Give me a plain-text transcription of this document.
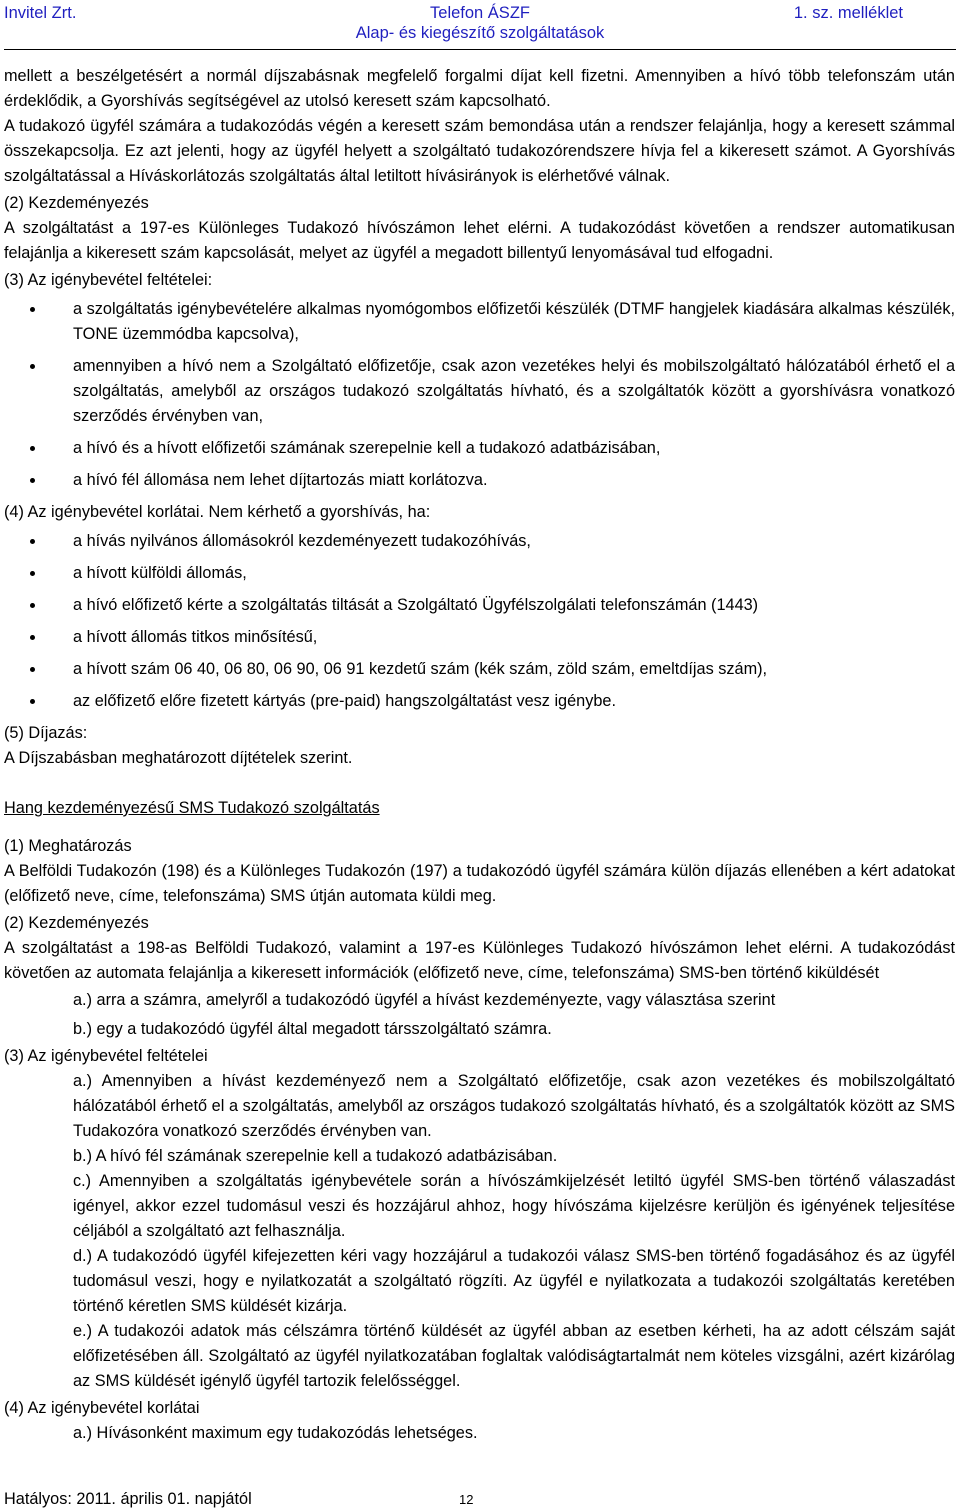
Telefon ÁSZF
Invitel Zrt.	1. sz. melléklet
Alap- és kiegészítő szolgáltatások

mellett a beszélgetésért a normál díjszabásnak megfelelő forgalmi díjat kell fizetni. Amennyiben a hívó több telefonszám után érdeklődik, a Gyorshívás segítségével az utolsó keresett szám kapcsolható.

A tudakozó ügyfél számára a tudakozódás végén a keresett szám bemondása után a rendszer felajánlja, hogy a keresett számmal összekapcsolja. Ez azt jelenti, hogy az ügyfél helyett a szolgáltató tudakozórendszere hívja fel a kikeresett számot. A Gyorshívás szolgáltatással a Híváskorlátozás szolgáltatás által letiltott hívásirányok is elérhetővé válnak.

(2) Kezdeményezés

A szolgáltatást a 197-es Különleges Tudakozó hívószámon lehet elérni. A tudakozódást követően a rendszer automatikusan felajánlja a kikeresett szám kapcsolását, melyet az ügyfél a megadott billentyű lenyomásával tud elfogadni.

(3) Az igénybevétel feltételei:

a szolgáltatás igénybevételére alkalmas nyomógombos előfizetői készülék (DTMF hangjelek kiadására alkalmas készülék, TONE üzemmódba kapcsolva),
amennyiben a hívó nem a Szolgáltató előfizetője, csak azon vezetékes helyi és mobilszolgáltató hálózatából érhető el a szolgáltatás, amelyből az országos tudakozó szolgáltatás hívható, és a szolgáltatók között a gyorshívásra vonatkozó szerződés érvényben van,
a hívó és a hívott előfizetői számának szerepelnie kell a tudakozó adatbázisában,
a hívó fél állomása nem lehet díjtartozás miatt korlátozva.

(4) Az igénybevétel korlátai. Nem kérhető a gyorshívás, ha:

a hívás nyilvános állomásokról kezdeményezett tudakozóhívás,
a hívott külföldi állomás,
a hívó előfizető kérte a szolgáltatás tiltását a Szolgáltató Ügyfélszolgálati telefonszámán (1443)
a hívott állomás titkos minősítésű,
a hívott szám 06 40, 06 80, 06 90, 06 91 kezdetű szám (kék szám, zöld szám, emeltdíjas szám),
az előfizető előre fizetett kártyás (pre-paid) hangszolgáltatást vesz igénybe.

(5) Díjazás:

A Díjszabásban meghatározott díjtételek szerint.

Hang kezdeményezésű SMS Tudakozó szolgáltatás

(1) Meghatározás

A Belföldi Tudakozón (198) és a Különleges Tudakozón (197) a tudakozódó ügyfél számára külön díjazás ellenében a kért adatokat (előfizető neve, címe, telefonszáma) SMS útján automata küldi meg.

(2) Kezdeményezés

A szolgáltatást a 198-as Belföldi Tudakozó, valamint a 197-es Különleges Tudakozó hívószámon lehet elérni. A tudakozódást követően az automata felajánlja a kikeresett információk (előfizető neve, címe, telefonszáma) SMS-ben történő kiküldését

a.) arra a számra, amelyről a tudakozódó ügyfél a hívást kezdeményezte, vagy választása szerint

b.) egy a tudakozódó ügyfél által megadott társszolgáltató számra.

(3) Az igénybevétel feltételei

a.) Amennyiben a hívást kezdeményező nem a Szolgáltató előfizetője, csak azon vezetékes és mobilszolgáltató hálózatából érhető el a szolgáltatás, amelyből az országos tudakozó szolgáltatás hívható, és a szolgáltatók között az SMS Tudakozóra vonatkozó szerződés érvényben van.

b.) A hívó fél számának szerepelnie kell a tudakozó adatbázisában.

c.) Amennyiben a szolgáltatás igénybevétele során a hívószámkijelzését letiltó ügyfél SMS-ben történő válaszadást igényel, akkor ezzel tudomásul veszi és hozzájárul ahhoz, hogy hívószáma kijelzésre kerüljön és igényének teljesítése céljából a szolgáltató azt felhasználja.

d.) A tudakozódó ügyfél kifejezetten kéri vagy hozzájárul a tudakozói válasz SMS-ben történő fogadásához és az ügyfél tudomásul veszi, hogy e nyilatkozatát a szolgáltató rögzíti. Az ügyfél e nyilatkozata a tudakozói szolgáltatás keretében történő kéretlen SMS küldését kizárja.

e.) A tudakozói adatok más célszámra történő küldését az ügyfél abban az esetben kérheti, ha az adott célszám saját előfizetésében áll. Szolgáltató az ügyfél nyilatkozatában foglaltak valódiságtartalmát nem köteles vizsgálni, azért kizárólag az SMS küldését igénylő ügyfél tartozik felelősséggel.

(4) Az igénybevétel korlátai

a.) Hívásonként maximum egy tudakozódás lehetséges.

Hatályos: 2011. április 01. napjától	12
